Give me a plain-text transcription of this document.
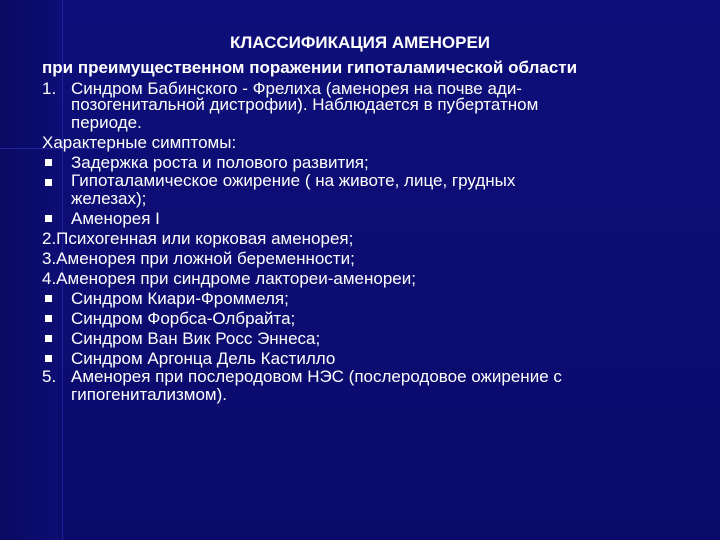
КЛАССИФИКАЦИЯ АМЕНОРЕИ
при преимущественном поражении гипоталамической области
1. Синдром Бабинского - Фрелиха (аменорея на почве ади-
позогенитальной дистрофии). Наблюдается в пубертатном
периоде.
Характерные симптомы:
Задержка роста и полового развития;
Гипоталамическое ожирение ( на животе, лице, грудных
железах);
Аменорея I
2.Психогенная или корковая аменорея;
3.Аменорея при ложной беременности;
4.Аменорея при синдроме лактореи-аменореи;
Синдром Киари-Фроммеля;
Синдром Форбса-Олбрайта;
Синдром Ван Вик Росс Эннеса;
Синдром Аргонца Дель Кастилло
5. Аменорея при послеродовом НЭС (послеродовое ожирение с
гипогенитализмом).
